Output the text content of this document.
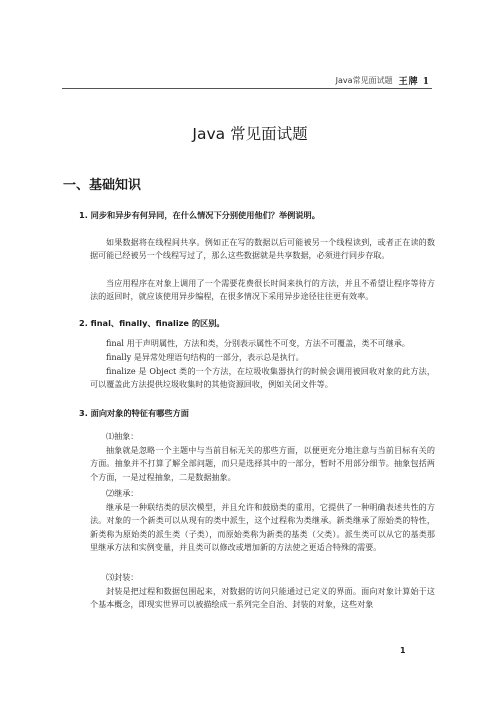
Java常见面试题 王牌 1
Java 常见面试题
一、基础知识
1. 同步和异步有何异同，在什么情况下分别使用他们？举例说明。

如果数据将在线程间共享。例如正在写的数据以后可能被另一个线程读到，或者正在读的数据可能已经被另一个线程写过了，那么这些数据就是共享数据，必须进行同步存取。

当应用程序在对象上调用了一个需要花费很长时间来执行的方法，并且不希望让程序等待方法的返回时，就应该使用异步编程，在很多情况下采用异步途径往往更有效率。

2. final、finally、finalize 的区别。

final 用于声明属性，方法和类，分别表示属性不可变，方法不可覆盖，类不可继承。

finally 是异常处理语句结构的一部分，表示总是执行。

finalize 是 Object 类的一个方法，在垃圾收集器执行的时候会调用被回收对象的此方法，可以覆盖此方法提供垃圾收集时的其他资源回收，例如关闭文件等。

3. 面向对象的特征有哪些方面
⑴抽象：

抽象就是忽略一个主题中与当前目标无关的那些方面，以便更充分地注意与当前目标有关的方面。抽象并不打算了解全部问题，而只是选择其中的一部分，暂时不用部分细节。抽象包括两个方面，一是过程抽象，二是数据抽象。

⑵继承：

继承是一种联结类的层次模型，并且允许和鼓励类的重用，它提供了一种明确表述共性的方法。对象的一个新类可以从现有的类中派生，这个过程称为类继承。新类继承了原始类的特性，新类称为原始类的派生类（子类），而原始类称为新类的基类（父类）。派生类可以从它的基类那里继承方法和实例变量，并且类可以修改或增加新的方法使之更适合特殊的需要。

⑶封装：

封装是把过程和数据包围起来，对数据的访问只能通过已定义的界面。面向对象计算始于这个基本概念，即现实世界可以被描绘成一系列完全自治、封装的对象，这些对象

1
